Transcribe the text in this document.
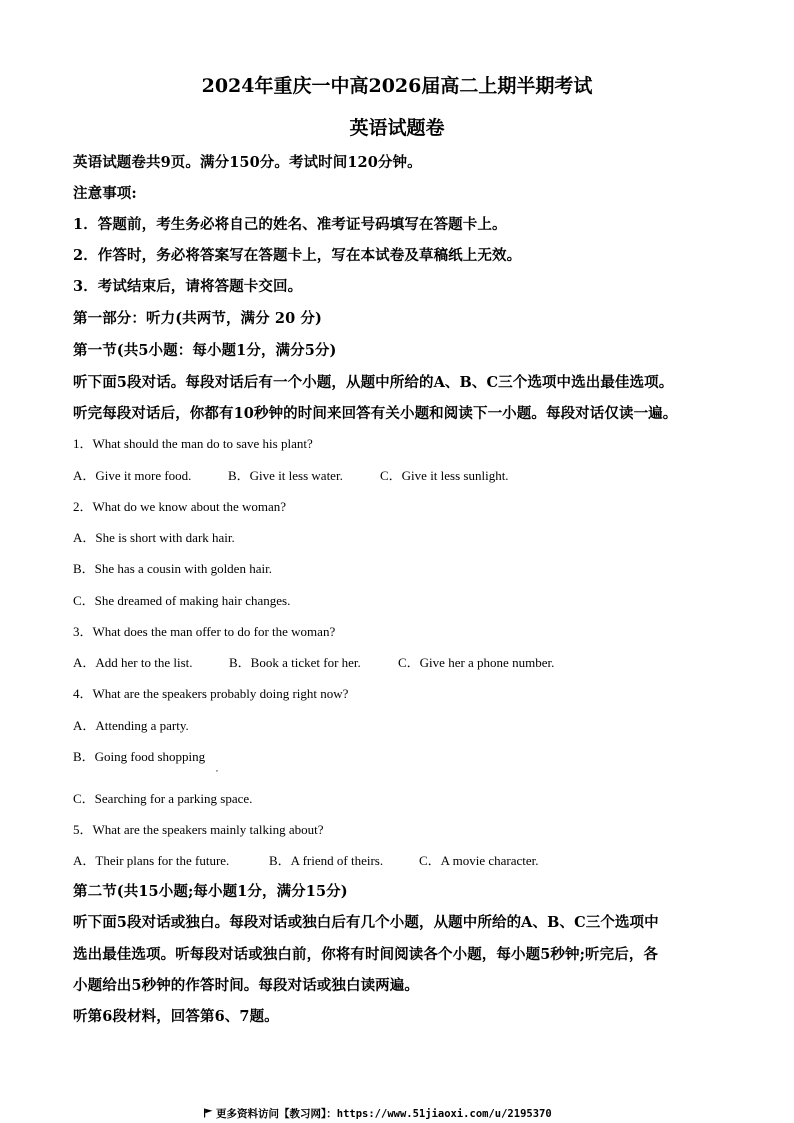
2024年重庆一中高2026届高二上期半期考试
英语试题卷
英语试题卷共9页。满分150分。考试时间120分钟。
注意事项:
1．答题前，考生务必将自己的姓名、准考证号码填写在答题卡上。
2．作答时，务必将答案写在答题卡上，写在本试卷及草稿纸上无效。
3．考试结束后，请将答题卡交回。
第一部分：听力(共两节，满分 20 分)
第一节(共5小题：每小题1分，满分5分)
听下面5段对话。每段对话后有一个小题，从题中所给的A、B、C三个选项中选出最佳选项。
听完每段对话后，你都有10秒钟的时间来回答有关小题和阅读下一小题。每段对话仅读一遍。
1．What should the man do to save his plant?
A．Give it more food.	B．Give it less water.	C．Give it less sunlight.
2．What do we know about the woman?
A．She is short with dark hair.
B．She has a cousin with golden hair.
C．She dreamed of making hair changes.
3．What does the man offer to do for the woman?
A．Add her to the list.	B．Book a ticket for her.	C．Give her a phone number.
4．What are the speakers probably doing right now?
A．Attending a party.
B．Going food shopping
,
C．Searching for a parking space.
5．What are the speakers mainly talking about?
A．Their plans for the future.	B．A friend of theirs.	C．A movie character.
第二节(共15小题;每小题1分，满分15分)
听下面5段对话或独白。每段对话或独白后有几个小题，从题中所给的A、B、C三个选项中
选出最佳选项。听每段对话或独白前，你将有时间阅读各个小题，每小题5秒钟;听完后，各
小题给出5秒钟的作答时间。每段对话或独白读两遍。
听第6段材料，回答第6、7题。
更多资料访问【教习网】：https://www.51jiaoxi.com/u/2195370
